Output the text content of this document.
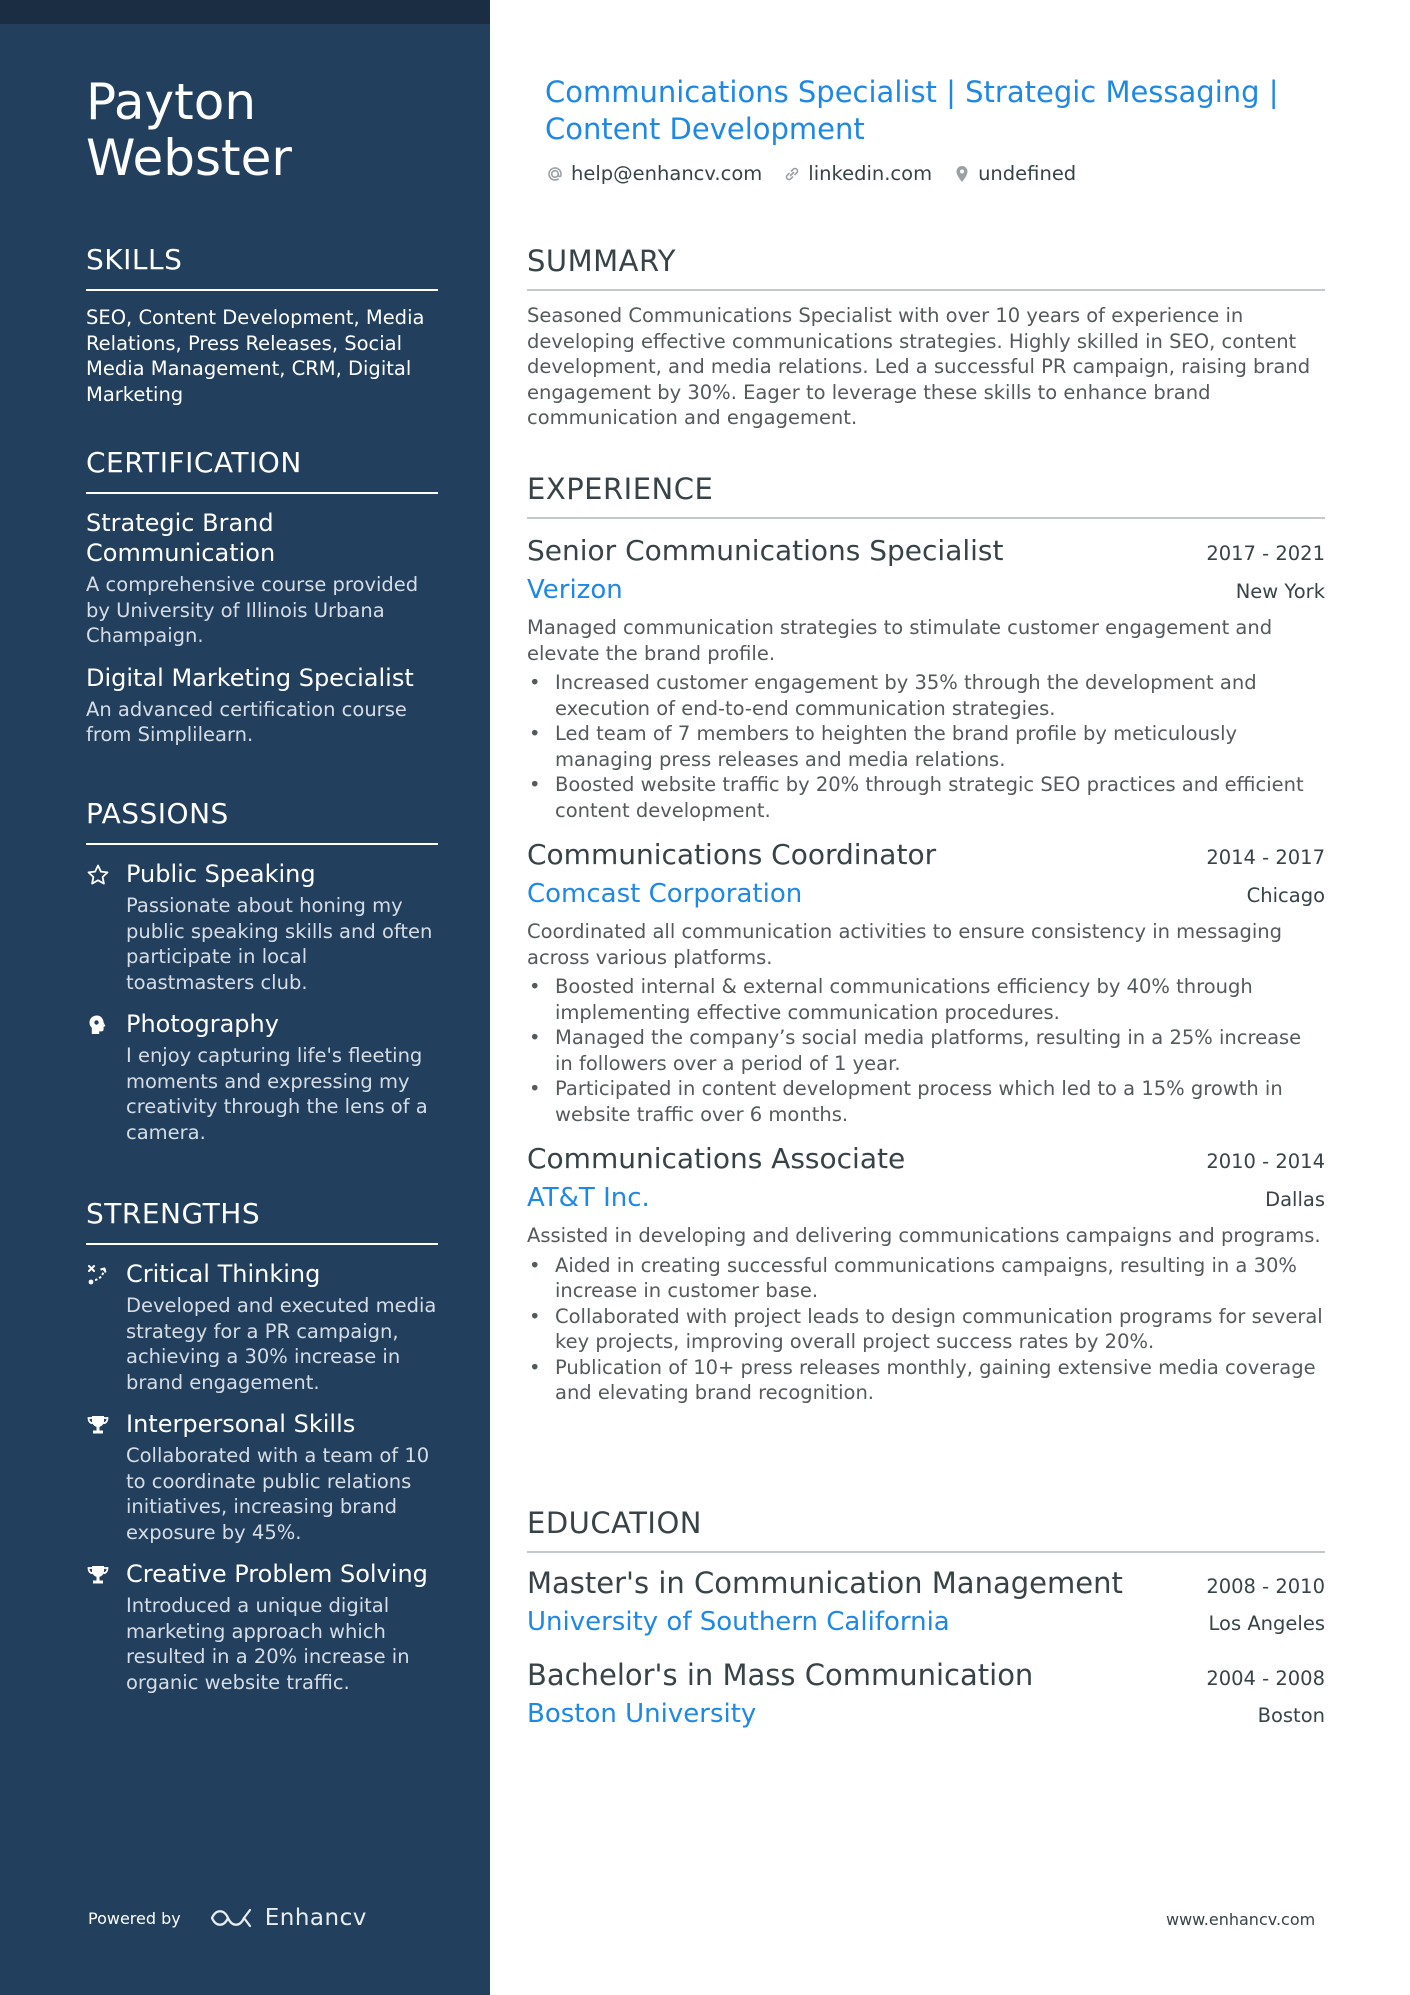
Payton Webster
SKILLS
SEO, Content Development, Media Relations, Press Releases, Social Media Management, CRM, Digital Marketing
CERTIFICATION
Strategic Brand Communication
A comprehensive course provided by University of Illinois Urbana Champaign.
Digital Marketing Specialist
An advanced certification course from Simplilearn.
PASSIONS
Public Speaking
Passionate about honing my public speaking skills and often participate in local toastmasters club.
Photography
I enjoy capturing life's fleeting moments and expressing my creativity through the lens of a camera.
STRENGTHS
Critical Thinking
Developed and executed media strategy for a PR campaign, achieving a 30% increase in brand engagement.
Interpersonal Skills
Collaborated with a team of 10 to coordinate public relations initiatives, increasing brand exposure by 45%.
Creative Problem Solving
Introduced a unique digital marketing approach which resulted in a 20% increase in organic website traffic.
Powered by	Enhancv
Communications Specialist | Strategic Messaging | Content Development
help@enhancv.com linkedin.com undefined
SUMMARY
Seasoned Communications Specialist with over 10 years of experience in developing effective communications strategies. Highly skilled in SEO, content development, and media relations. Led a successful PR campaign, raising brand engagement by 30%. Eager to leverage these skills to enhance brand communication and engagement.
EXPERIENCE
Senior Communications Specialist	2017 - 2021
Verizon	New York
Managed communication strategies to stimulate customer engagement and elevate the brand profile.
• Increased customer engagement by 35% through the development and execution of end-to-end communication strategies.
• Led team of 7 members to heighten the brand profile by meticulously managing press releases and media relations.
• Boosted website traffic by 20% through strategic SEO practices and efficient content development.
Communications Coordinator	2014 - 2017
Comcast Corporation	Chicago
Coordinated all communication activities to ensure consistency in messaging across various platforms.
• Boosted internal & external communications efficiency by 40% through implementing effective communication procedures.
• Managed the company’s social media platforms, resulting in a 25% increase in followers over a period of 1 year.
• Participated in content development process which led to a 15% growth in website traffic over 6 months.
Communications Associate	2010 - 2014
AT&T Inc.	Dallas
Assisted in developing and delivering communications campaigns and programs.
• Aided in creating successful communications campaigns, resulting in a 30% increase in customer base.
• Collaborated with project leads to design communication programs for several key projects, improving overall project success rates by 20%.
• Publication of 10+ press releases monthly, gaining extensive media coverage and elevating brand recognition.
EDUCATION
Master's in Communication Management	2008 - 2010
University of Southern California	Los Angeles
Bachelor's in Mass Communication	2004 - 2008
Boston University	Boston
www.enhancv.com
